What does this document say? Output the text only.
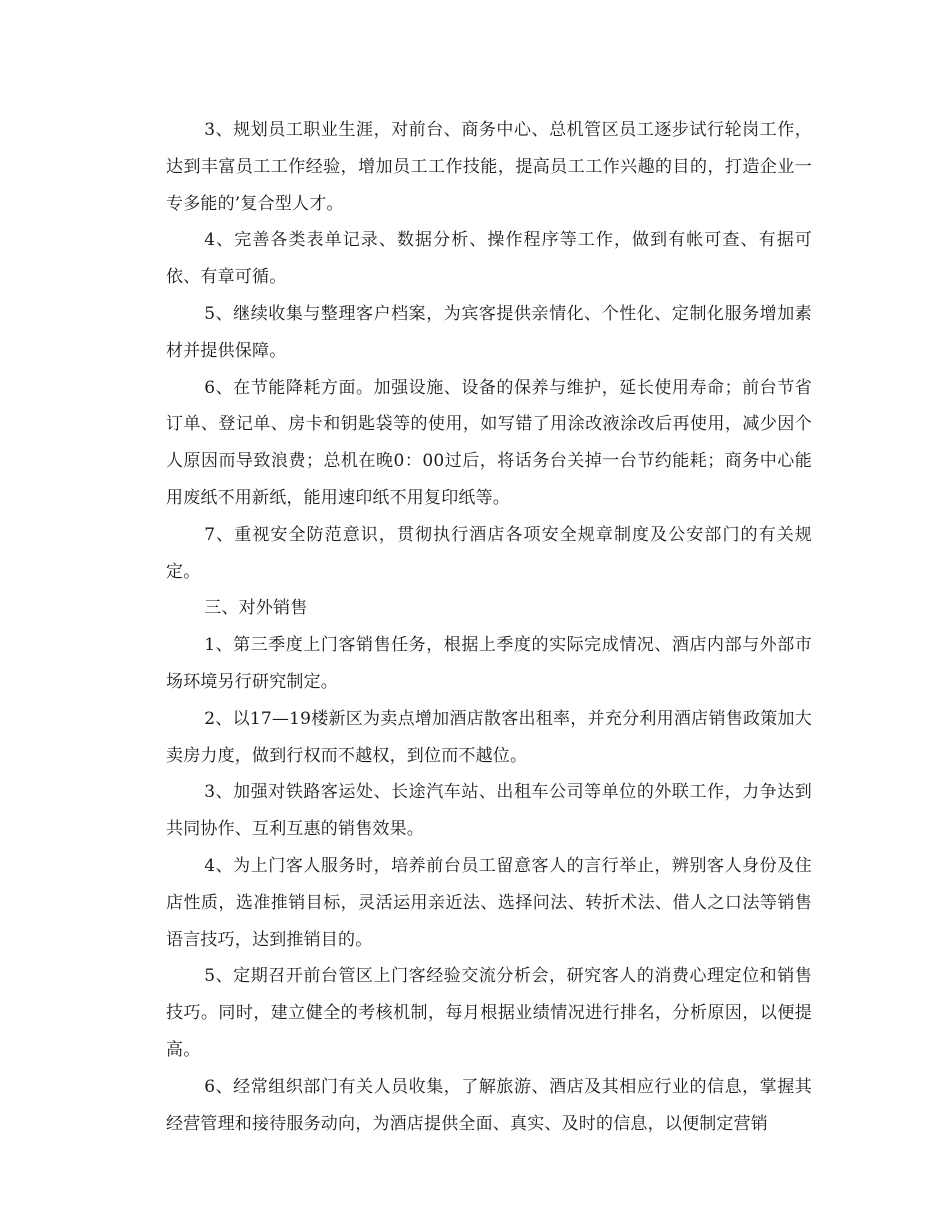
3、规划员工职业生涯，对前台、商务中心、总机管区员工逐步试行轮岗工作，达到丰富员工工作经验，增加员工工作技能，提高员工工作兴趣的目的，打造企业一专多能的’复合型人才。

4、完善各类表单记录、数据分析、操作程序等工作，做到有帐可查、有据可依、有章可循。

5、继续收集与整理客户档案，为宾客提供亲情化、个性化、定制化服务增加素材并提供保障。

6、在节能降耗方面。加强设施、设备的保养与维护，延长使用寿命；前台节省订单、登记单、房卡和钥匙袋等的使用，如写错了用涂改液涂改后再使用，减少因个人原因而导致浪费；总机在晚0：00过后，将话务台关掉一台节约能耗；商务中心能用废纸不用新纸，能用速印纸不用复印纸等。

7、重视安全防范意识，贯彻执行酒店各项安全规章制度及公安部门的有关规定。

三、对外销售

1、第三季度上门客销售任务，根据上季度的实际完成情况、酒店内部与外部市场环境另行研究制定。

2、以17—19楼新区为卖点增加酒店散客出租率，并充分利用酒店销售政策加大卖房力度，做到行权而不越权，到位而不越位。

3、加强对铁路客运处、长途汽车站、出租车公司等单位的外联工作，力争达到共同协作、互利互惠的销售效果。

4、为上门客人服务时，培养前台员工留意客人的言行举止，辨别客人身份及住店性质，选准推销目标，灵活运用亲近法、选择问法、转折术法、借人之口法等销售语言技巧，达到推销目的。

5、定期召开前台管区上门客经验交流分析会，研究客人的消费心理定位和销售技巧。同时，建立健全的考核机制，每月根据业绩情况进行排名，分析原因，以便提高。

6、经常组织部门有关人员收集，了解旅游、酒店及其相应行业的信息，掌握其经营管理和接待服务动向，为酒店提供全面、真实、及时的信息，以便制定营销
